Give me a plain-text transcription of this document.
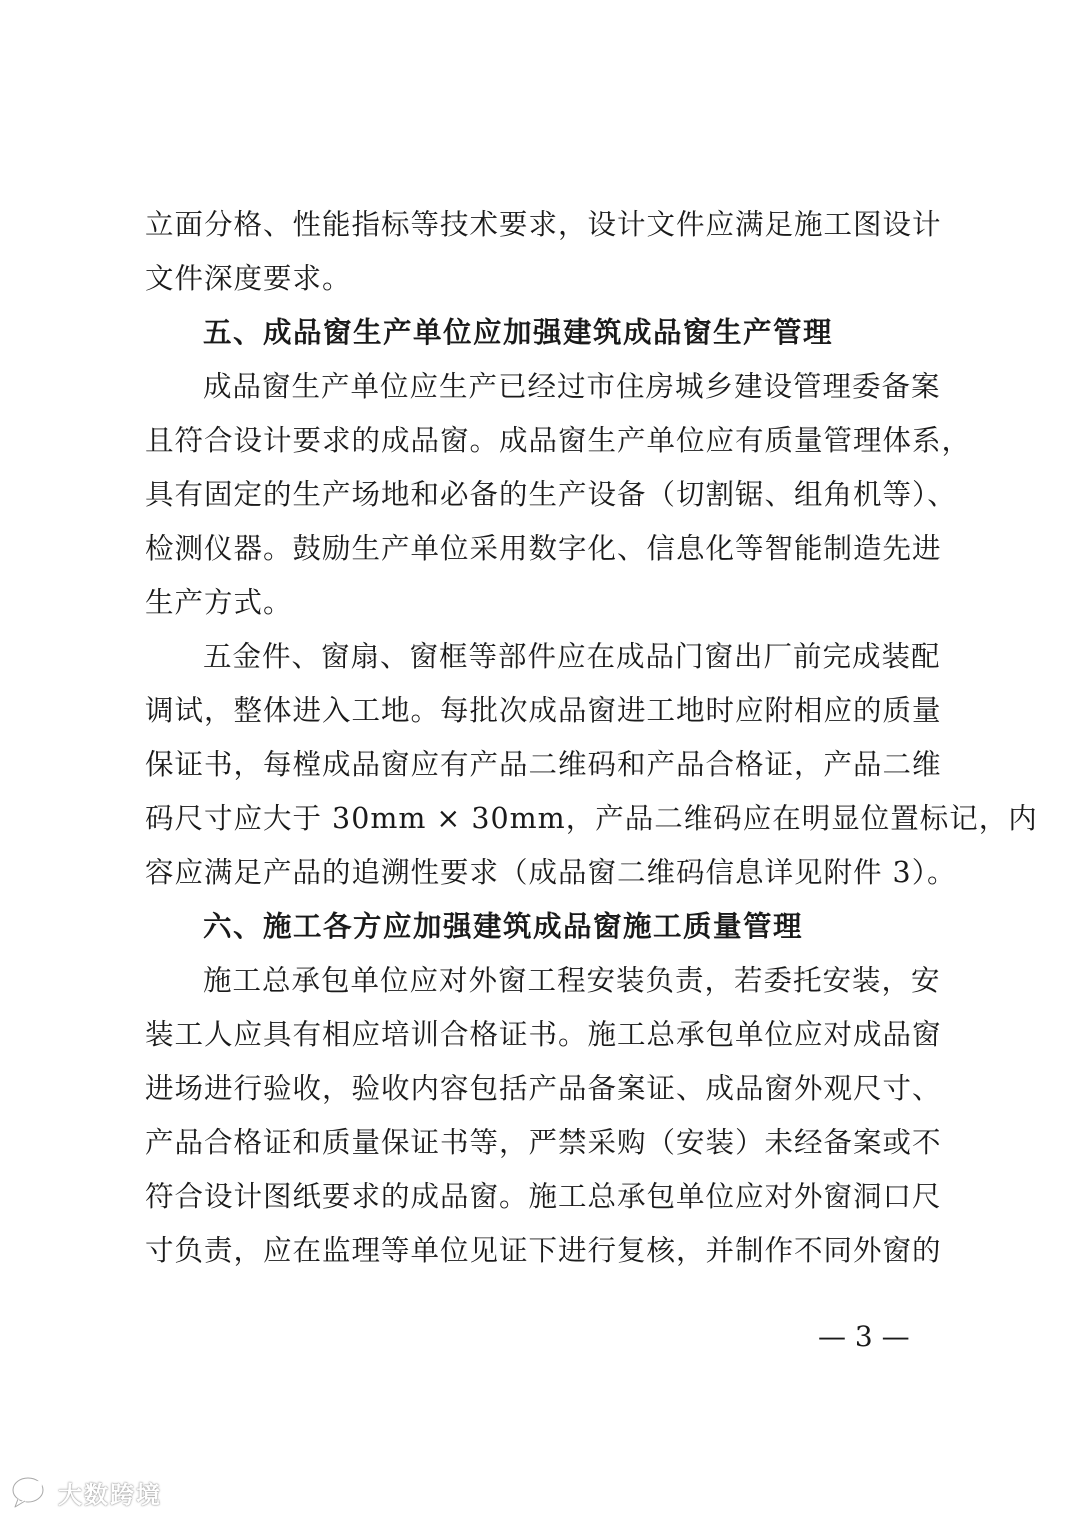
立面分格、性能指标等技术要求，设计文件应满足施工图设计
文件深度要求。
五、成品窗生产单位应加强建筑成品窗生产管理
成品窗生产单位应生产已经过市住房城乡建设管理委备案
且符合设计要求的成品窗。成品窗生产单位应有质量管理体系，
具有固定的生产场地和必备的生产设备（切割锯、组角机等）、
检测仪器。鼓励生产单位采用数字化、信息化等智能制造先进
生产方式。
五金件、窗扇、窗框等部件应在成品门窗出厂前完成装配
调试，整体进入工地。每批次成品窗进工地时应附相应的质量
保证书，每樘成品窗应有产品二维码和产品合格证，产品二维
码尺寸应大于 30mm × 30mm，产品二维码应在明显位置标记，内
容应满足产品的追溯性要求（成品窗二维码信息详见附件 3）。
六、施工各方应加强建筑成品窗施工质量管理
施工总承包单位应对外窗工程安装负责，若委托安装，安
装工人应具有相应培训合格证书。施工总承包单位应对成品窗
进场进行验收，验收内容包括产品备案证、成品窗外观尺寸、
产品合格证和质量保证书等，严禁采购（安装）未经备案或不
符合设计图纸要求的成品窗。施工总承包单位应对外窗洞口尺
寸负责，应在监理等单位见证下进行复核，并制作不同外窗的
— 3 —
大数跨境
